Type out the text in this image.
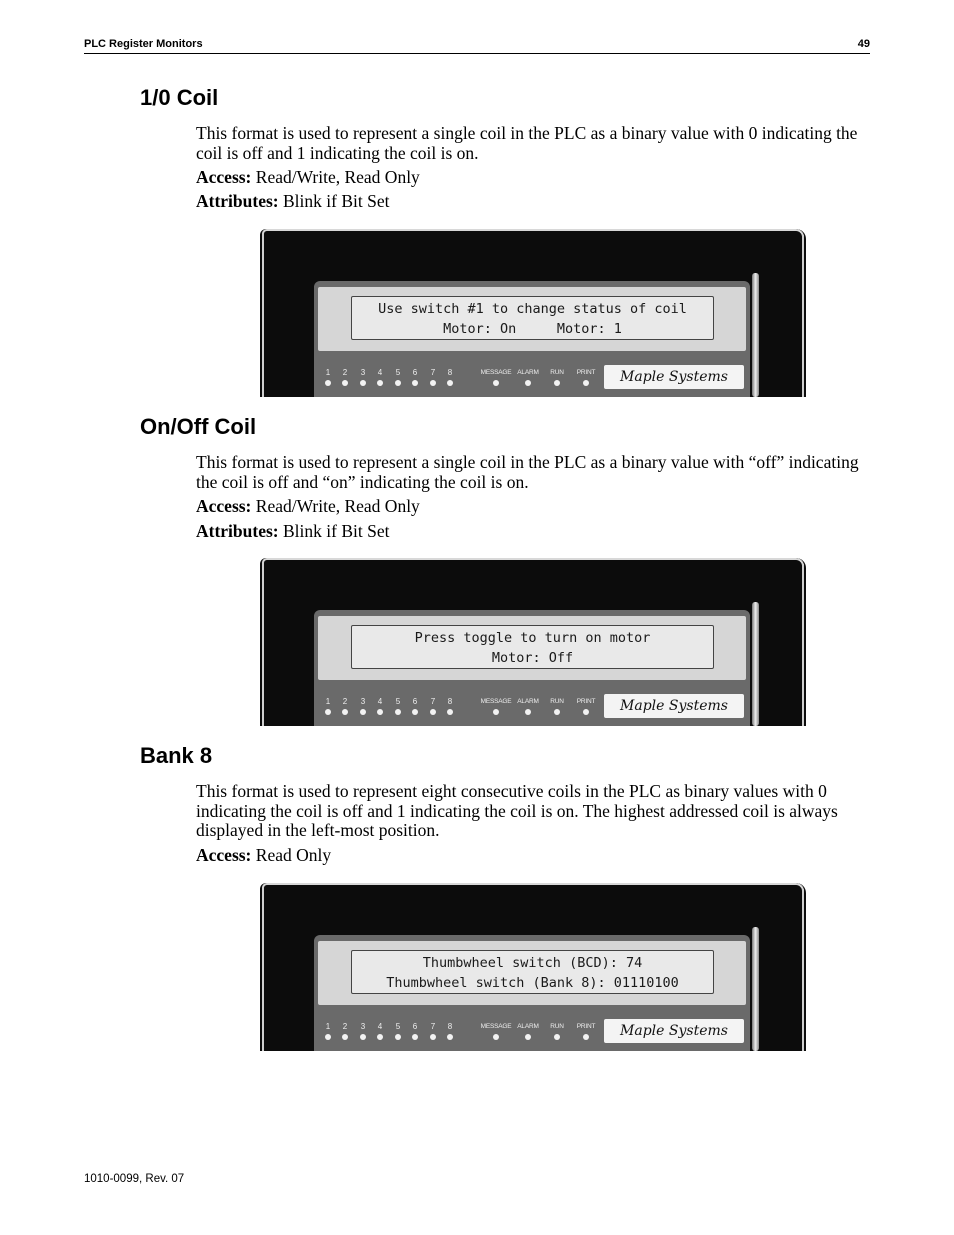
PLC Register Monitors	49
1/0 Coil
This format is used to represent a single coil in the PLC as a binary value with 0 indicating the coil is off and 1 indicating the coil is on.
Access: Read/Write, Read Only
Attributes: Blink if Bit Set
Use switch #1 to change status of coil
Motor: On     Motor: 1
1	2	3	4	5	6	7	8	MESSAGE ALARM	RUN	PRINT	Maple Systems
On/Off Coil
This format is used to represent a single coil in the PLC as a binary value with “off” indicating the coil is off and “on” indicating the coil is on.
Access: Read/Write, Read Only
Attributes: Blink if Bit Set
Press toggle to turn on motor
Motor: Off
1	2	3	4	5	6	7	8	MESSAGE ALARM	RUN	PRINT	Maple Systems
Bank 8
This format is used to represent eight consecutive coils in the PLC as binary values with 0 indicating the coil is off and 1 indicating the coil is on. The highest addressed coil is always displayed in the left-most position.
Access: Read Only
Thumbwheel switch (BCD): 74
Thumbwheel switch (Bank 8): 01110100
1	2	3	4	5	6	7	8	MESSAGE ALARM	RUN	PRINT	Maple Systems
1010-0099, Rev. 07
